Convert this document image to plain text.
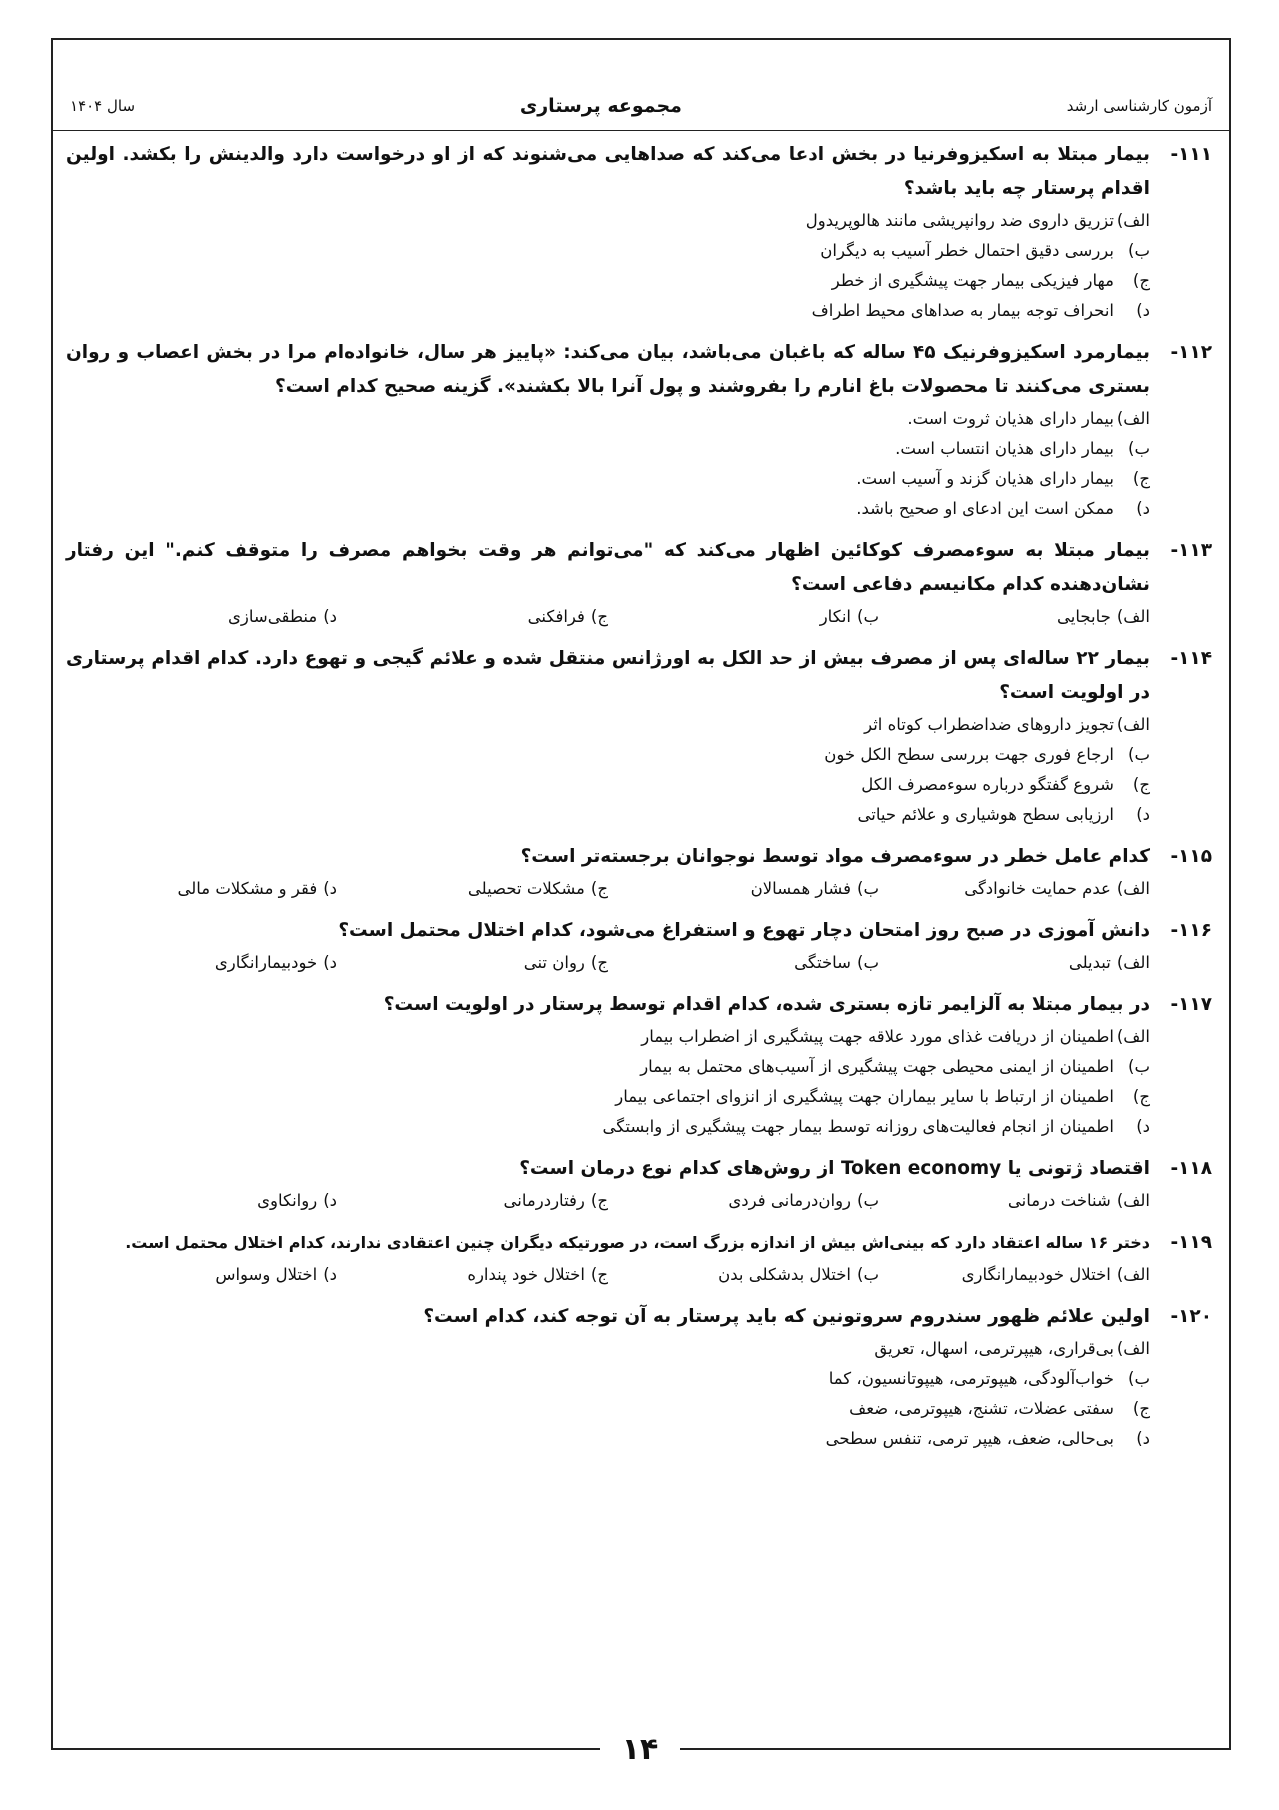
آزمون کارشناسی ارشد
مجموعه پرستاری
سال ۱۴۰۴
۱۱۱-
بیمار مبتلا به اسکیزوفرنیا در بخش ادعا می‌کند که صداهایی می‌شنوند که از او درخواست دارد والدینش را بکشد. اولین اقدام پرستار چه باید باشد؟
الف)
تزریق داروی ضد روانپریشی مانند هالوپریدول
ب)
بررسی دقیق احتمال خطر آسیب به دیگران
ج)
مهار فیزیکی بیمار جهت پیشگیری از خطر
د)
انحراف توجه بیمار به صداهای محیط اطراف
۱۱۲-
بیمارمرد اسکیزوفرنیک ۴۵ ساله که باغبان می‌باشد، بیان می‌کند: «پاییز هر سال، خانواده‌ام مرا در بخش اعصاب و روان بستری می‌کنند تا محصولات باغ انارم را بفروشند و پول آنرا بالا بکشند». گزینه صحیح کدام است؟
الف)
بیمار دارای هذیان ثروت است.
ب)
بیمار دارای هذیان انتساب است.
ج)
بیمار دارای هذیان گزند و آسیب است.
د)
ممکن است این ادعای او صحیح باشد.
۱۱۳-
بیمار مبتلا به سوءمصرف کوکائین اظهار می‌کند که "می‌توانم هر وقت بخواهم مصرف را متوقف کنم." این رفتار نشان‌دهنده کدام مکانیسم دفاعی است؟
الف)
جابجایی
ب)
انکار
ج)
فرافکنی
د)
منطقی‌سازی
۱۱۴-
بیمار ۲۲ ساله‌ای پس از مصرف بیش از حد الکل به اورژانس منتقل شده و علائم گیجی و تهوع دارد. کدام اقدام پرستاری در اولویت است؟
الف)
تجویز داروهای ضداضطراب کوتاه اثر
ب)
ارجاع فوری جهت بررسی سطح الکل خون
ج)
شروع گفتگو درباره سوءمصرف الکل
د)
ارزیابی سطح هوشیاری و علائم حیاتی
۱۱۵-
کدام عامل خطر در سوءمصرف مواد توسط نوجوانان برجسته‌تر است؟
الف)
عدم حمایت خانوادگی
ب)
فشار همسالان
ج)
مشکلات تحصیلی
د)
فقر و مشکلات مالی
۱۱۶-
دانش آموزی در صبح روز امتحان دچار تهوع و استفراغ می‌شود، کدام اختلال محتمل است؟
الف)
تبدیلی
ب)
ساختگی
ج)
روان تنی
د)
خودبیمارانگاری
۱۱۷-
در بیمار مبتلا به آلزایمر تازه بستری شده، کدام اقدام توسط پرستار در اولویت است؟
الف)
اطمینان از دریافت غذای مورد علاقه جهت پیشگیری از اضطراب بیمار
ب)
اطمینان از ایمنی محیطی جهت پیشگیری از آسیب‌های محتمل به بیمار
ج)
اطمینان از ارتباط با سایر بیماران جهت پیشگیری از انزوای اجتماعی بیمار
د)
اطمینان از انجام فعالیت‌های روزانه توسط بیمار جهت پیشگیری از وابستگی
۱۱۸-
اقتصاد ژتونی یا Token economy از روش‌های کدام نوع درمان است؟
الف)
شناخت درمانی
ب)
روان‌درمانی فردی
ج)
رفتاردرمانی
د)
روانکاوی
۱۱۹-
دختر ۱۶ ساله اعتقاد دارد که بینی‌اش بیش از اندازه بزرگ است، در صورتیکه دیگران چنین اعتقادی ندارند، کدام اختلال محتمل است.
الف)
اختلال خودبیمارانگاری
ب)
اختلال بدشکلی بدن
ج)
اختلال خود پنداره
د)
اختلال وسواس
۱۲۰-
اولین علائم ظهور سندروم سروتونین که باید پرستار به آن توجه کند، کدام است؟
الف)
بی‌قراری، هیپرترمی، اسهال، تعریق
ب)
خواب‌آلودگی، هیپوترمی، هیپوتانسیون، کما
ج)
سفتی عضلات، تشنج، هیپوترمی، ضعف
د)
بی‌حالی، ضعف، هیپر ترمی، تنفس سطحی
۱۴
